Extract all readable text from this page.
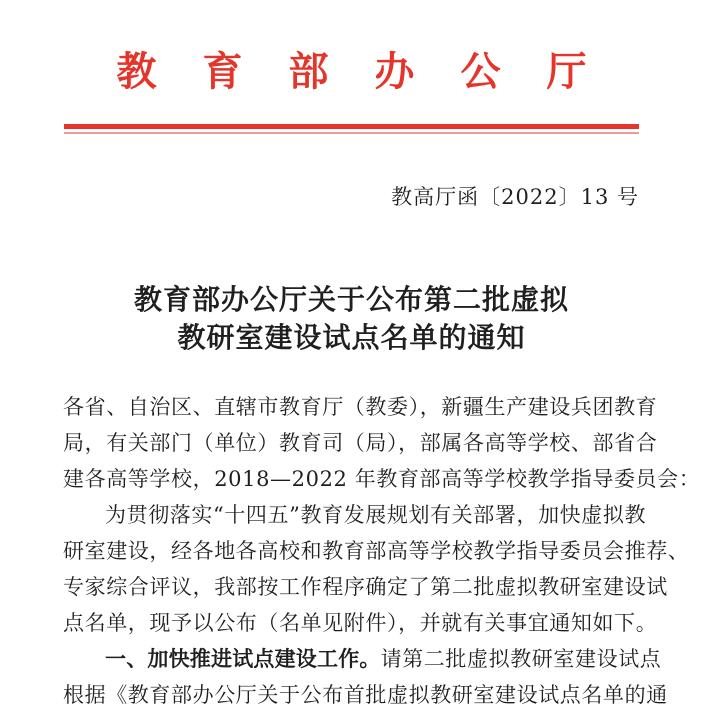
教育部办公厅
教高厅函〔2022〕13 号
教育部办公厅关于公布第二批虚拟
教研室建设试点名单的通知
各省、自治区、直辖市教育厅（教委），新疆生产建设兵团教育
局，有关部门（单位）教育司（局），部属各高等学校、部省合
建各高等学校，2018—2022 年教育部高等学校教学指导委员会：
为贯彻落实“十四五”教育发展规划有关部署，加快虚拟教
研室建设，经各地各高校和教育部高等学校教学指导委员会推荐、
专家综合评议，我部按工作程序确定了第二批虚拟教研室建设试
点名单，现予以公布（名单见附件），并就有关事宜通知如下。
一、加快推进试点建设工作。请第二批虚拟教研室建设试点
根据《教育部办公厅关于公布首批虚拟教研室建设试点名单的通
